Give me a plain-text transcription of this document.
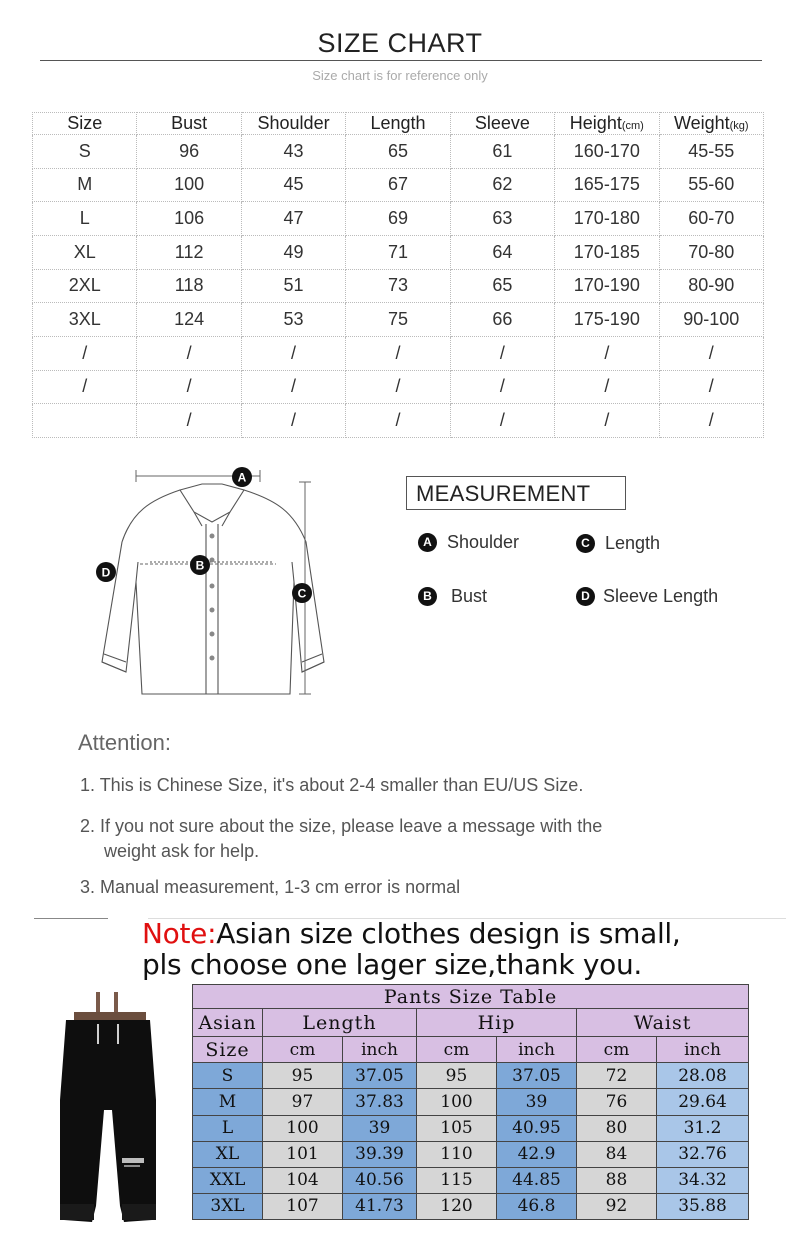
SIZE CHART
Size chart is for reference only
Size	Bust	Shoulder	Length	Sleeve	Height(cm)	Weight(kg)
S	96	43	65	61	160-170	45-55
M	100	45	67	62	165-175	55-60
L	106	47	69	63	170-180	60-70
XL	112	49	71	64	170-185	70-80
2XL	118	51	73	65	170-190	80-90
3XL	124	53	75	66	175-190	90-100
/	/	/	/	/	/	/
/	/	/	/	/	/	/
	/	/	/	/	/	/
A
B
C
D
MEASUREMENT
A Shoulder	C Length
B Bust	D Sleeve Length
Attention:
1. This is Chinese Size, it's about 2-4 smaller than EU/US Size.
2. If you not sure about the size, please leave a message with the
weight ask for help.
3. Manual measurement, 1-3 cm error is normal
Note:Asian size clothes design is small,
pls choose one lager size,thank you.
Pants Size Table						
Asian	Length		Hip		Waist	
Size	cm	inch	cm	inch	cm	inch
S	95	37.05	95	37.05	72	28.08
M	97	37.83	100	39	76	29.64
L	100	39	105	40.95	80	31.2
XL	101	39.39	110	42.9	84	32.76
XXL	104	40.56	115	44.85	88	34.32
3XL	107	41.73	120	46.8	92	35.88
